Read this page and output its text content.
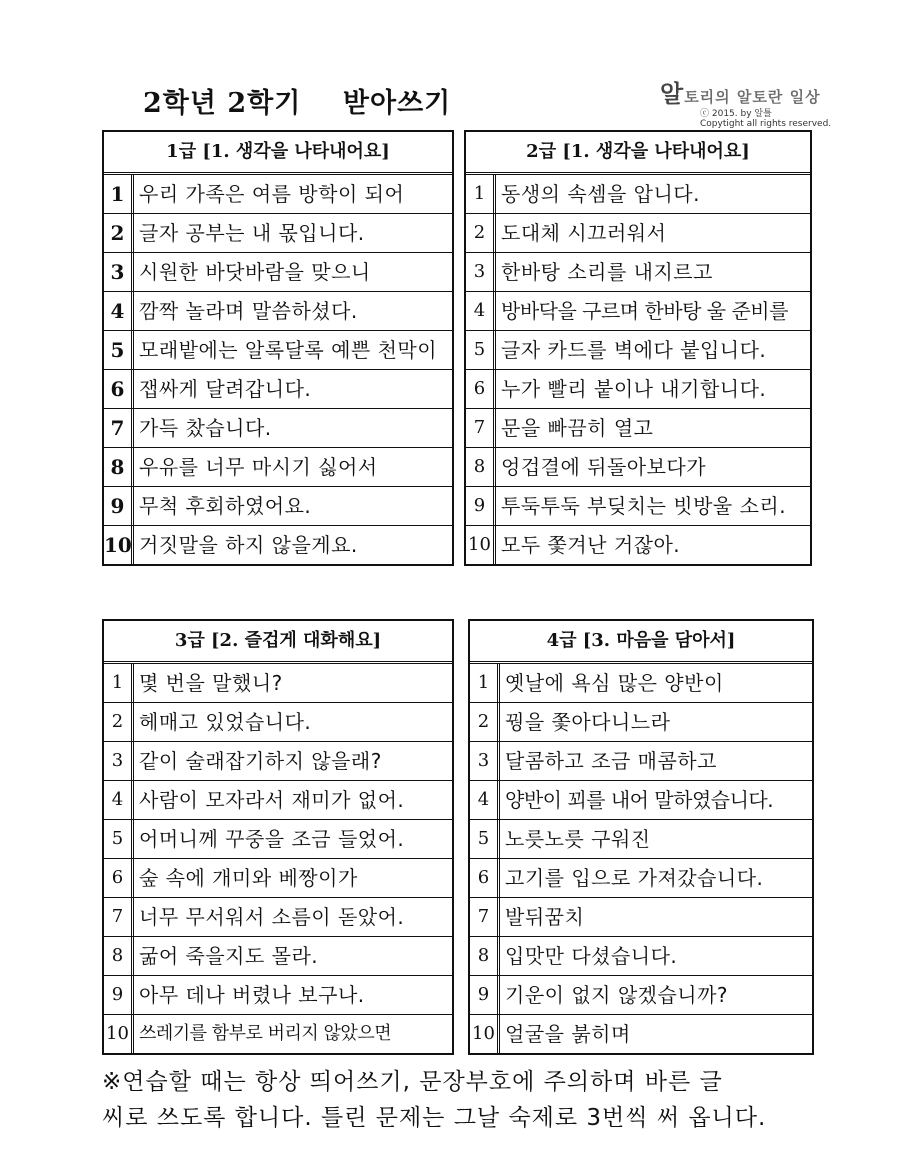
2학년 2학기    받아쓰기	알토리의 알토란 일상
ⓒ 2015. by 알틀
Copytight all rights reserved.
1급 [1. 생각을 나타내어요]
1 우리 가족은 여름 방학이 되어
2 글자 공부는 내 몫입니다.
3 시원한 바닷바람을 맞으니
4 깜짝 놀라며 말씀하셨다.
5 모래밭에는 알록달록 예쁜 천막이
6 잽싸게 달려갑니다.
7 가득 찼습니다.
8 우유를 너무 마시기 싫어서
9 무척 후회하였어요.
10 거짓말을 하지 않을게요.
2급 [1. 생각을 나타내어요]
1 동생의 속셈을 압니다.
2 도대체 시끄러워서
3 한바탕 소리를 내지르고
4 방바닥을 구르며 한바탕 울 준비를
5 글자 카드를 벽에다 붙입니다.
6 누가 빨리 붙이나 내기합니다.
7 문을 빠끔히 열고
8 엉겁결에 뒤돌아보다가
9 투둑투둑 부딪치는 빗방울 소리.
10 모두 쫓겨난 거잖아.
3급 [2. 즐겁게 대화해요]
1 몇 번을 말했니?
2 헤매고 있었습니다.
3 같이 술래잡기하지 않을래?
4 사람이 모자라서 재미가 없어.
5 어머니께 꾸중을 조금 들었어.
6 숲 속에 개미와 베짱이가
7 너무 무서워서 소름이 돋았어.
8 굶어 죽을지도 몰라.
9 아무 데나 버렸나 보구나.
10 쓰레기를 함부로 버리지 않았으면
4급 [3. 마음을 담아서]
1 옛날에 욕심 많은 양반이
2 꿩을 쫓아다니느라
3 달콤하고 조금 매콤하고
4 양반이 꾀를 내어 말하였습니다.
5 노릇노릇 구워진
6 고기를 입으로 가져갔습니다.
7 발뒤꿈치
8 입맛만 다셨습니다.
9 기운이 없지 않겠습니까?
10 얼굴을 붉히며
※연습할 때는 항상 띄어쓰기, 문장부호에 주의하며 바른 글
씨로 쓰도록 합니다. 틀린 문제는 그날 숙제로 3번씩 써 옵니다.
